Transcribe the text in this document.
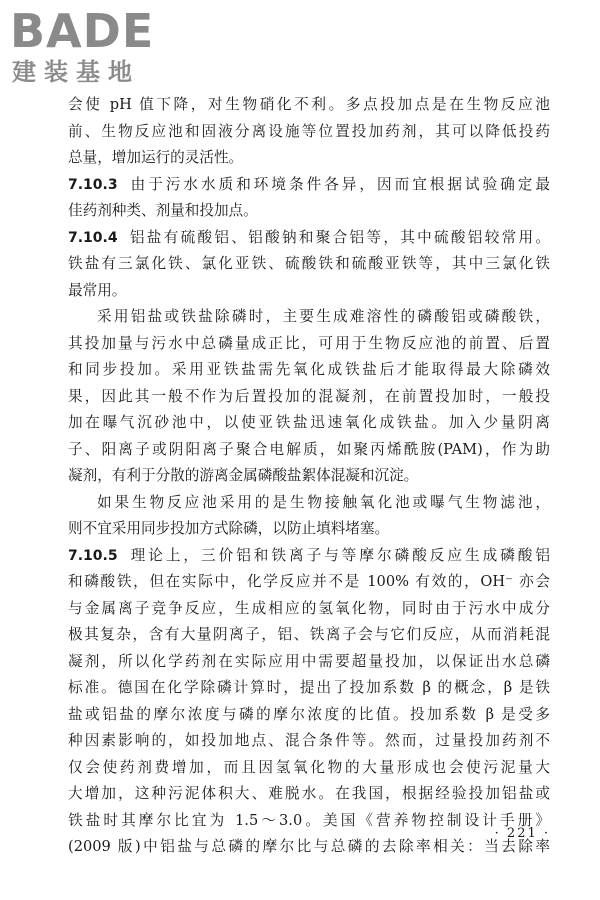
BADE
建装基地
会使 pH 值下降，对生物硝化不利。多点投加点是在生物反应池
前、生物反应池和固液分离设施等位置投加药剂，其可以降低投药
总量，增加运行的灵活性。
7.10.3 由于污水水质和环境条件各异，因而宜根据试验确定最
佳药剂种类、剂量和投加点。
7.10.4 铝盐有硫酸铝、铝酸钠和聚合铝等，其中硫酸铝较常用。
铁盐有三氯化铁、氯化亚铁、硫酸铁和硫酸亚铁等，其中三氯化铁
最常用。
采用铝盐或铁盐除磷时，主要生成难溶性的磷酸铝或磷酸铁，
其投加量与污水中总磷量成正比，可用于生物反应池的前置、后置
和同步投加。采用亚铁盐需先氧化成铁盐后才能取得最大除磷效
果，因此其一般不作为后置投加的混凝剂，在前置投加时，一般投
加在曝气沉砂池中，以使亚铁盐迅速氧化成铁盐。加入少量阴离
子、阳离子或阴阳离子聚合电解质，如聚丙烯酰胺(PAM)，作为助
凝剂，有利于分散的游离金属磷酸盐絮体混凝和沉淀。
如果生物反应池采用的是生物接触氧化池或曝气生物滤池，
则不宜采用同步投加方式除磷，以防止填料堵塞。
7.10.5 理论上，三价铝和铁离子与等摩尔磷酸反应生成磷酸铝
和磷酸铁，但在实际中，化学反应并不是 100% 有效的，OH⁻ 亦会
与金属离子竞争反应，生成相应的氢氧化物，同时由于污水中成分
极其复杂，含有大量阴离子，铝、铁离子会与它们反应，从而消耗混
凝剂，所以化学药剂在实际应用中需要超量投加，以保证出水总磷
标准。德国在化学除磷计算时，提出了投加系数 β 的概念，β 是铁
盐或铝盐的摩尔浓度与磷的摩尔浓度的比值。投加系数 β 是受多
种因素影响的，如投加地点、混合条件等。然而，过量投加药剂不
仅会使药剂费增加，而且因氢氧化物的大量形成也会使污泥量大
大增加，这种污泥体积大、难脱水。在我国，根据经验投加铝盐或
铁盐时其摩尔比宜为 1.5～3.0。美国《营养物控制设计手册》
(2009 版)中铝盐与总磷的摩尔比与总磷的去除率相关：当去除率
· 221 ·
